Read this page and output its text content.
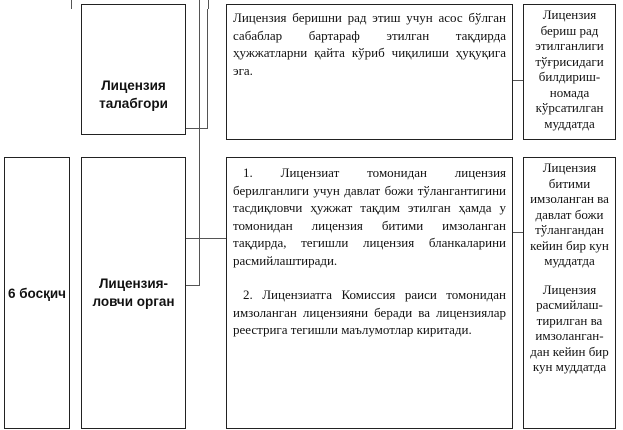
6 босқич
Лицензия талабгори

Лицензия беришни рад этиш учун асос бўлган сабаблар бартараф этилган тақдирда ҳужжатларни қайта кўриб чиқилиши ҳуқуқига эга.

Лицензия бериш рад этилганлиги тўғрисидаги билдириш-номада кўрсатилган муддатда

Лицензия-ловчи орган

1. Лицензиат томонидан лицензия берилганлиги учун давлат божи тўлангантигини тасдиқловчи ҳужжат тақдим этилган ҳамда у томонидан лицензия битими имзоланган тақдирда, тегишли лицензия бланкаларини расмийлаштиради.

2. Лицензиатга Комиссия раиси томонидан имзоланган лицензияни беради ва лицензиялар реестрига тегишли маълумотлар киритади.

Лицензия битими имзоланган ва давлат божи тўлангандан кейин бир кун муддатда

Лицензия расмийлаш-тирилган ва имзоланган-дан кейин бир кун муддатда
